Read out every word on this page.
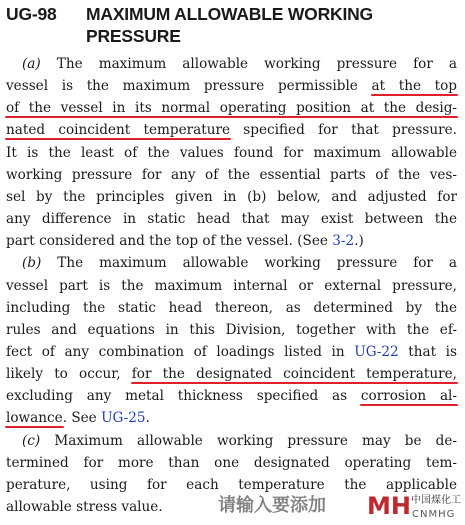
UG-98 MAXIMUM ALLOWABLE WORKING PRESSURE
(a) The maximum allowable working pressure for a
vessel is the maximum pressure permissible at the top
of the vessel in its normal operating position at the desig-
nated coincident temperature specified for that pressure.
It is the least of the values found for maximum allowable
working pressure for any of the essential parts of the ves-
sel by the principles given in (b) below, and adjusted for
any difference in static head that may exist between the
part considered and the top of the vessel. (See 3-2.)
(b) The maximum allowable working pressure for a
vessel part is the maximum internal or external pressure,
including the static head thereon, as determined by the
rules and equations in this Division, together with the ef-
fect of any combination of loadings listed in UG-22 that is
likely to occur, for the designated coincident temperature,
excluding any metal thickness specified as corrosion al-
lowance. See UG-25.
(c) Maximum allowable working pressure may be de-
termined for more than one designated operating tem-
perature, using for each temperature the applicable
allowable stress value.	请输入要添加 MH 中国煤化工
CNMHG
